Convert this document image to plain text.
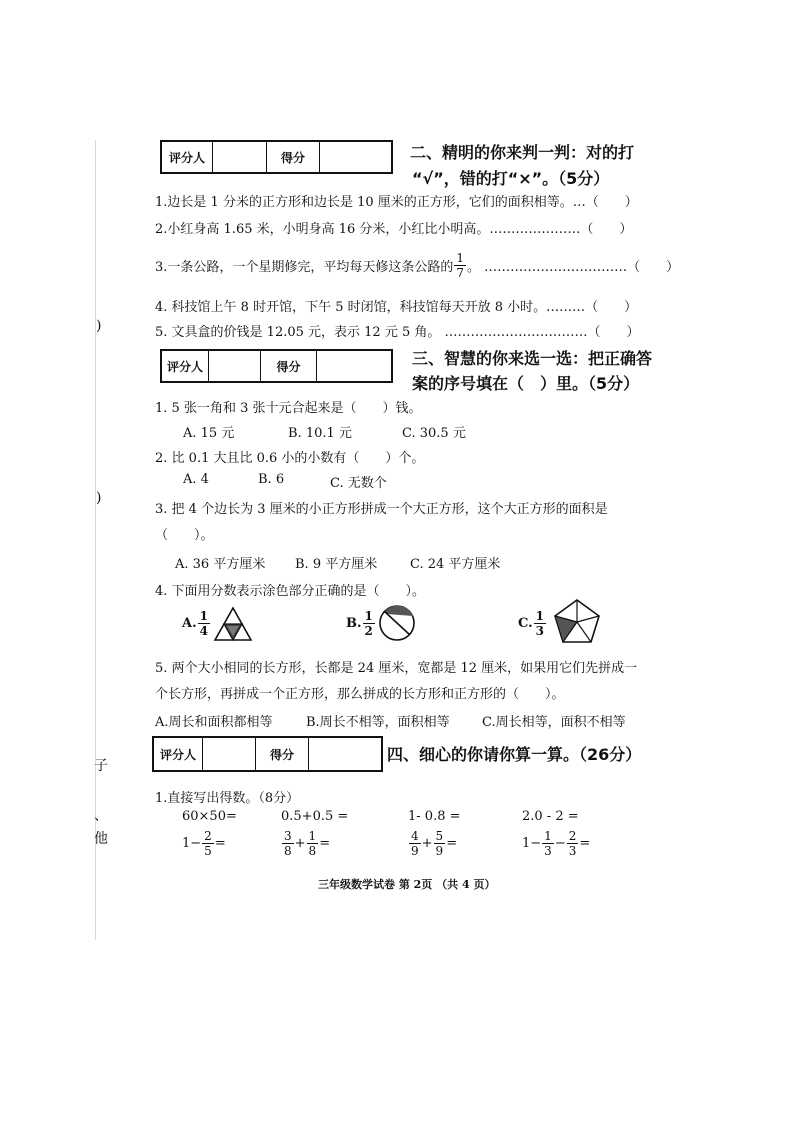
)
)
子
、
他
评分人	得分	二、精明的你来判一判：对的打
“√”，错的打“×”。（5分）
1.边长是 1 分米的正方形和边长是 10 厘米的正方形，它们的面积相等。…（　　）
2.小红身高 1.65 米，小明身高 16 分米，小红比小明高。…………………（　　）
3.一条公路，一个星期修完，平均每天修这条公路的 $\frac{1}{7}$ 。 ……………………………（　　）
4. 科技馆上午 8 时开馆，下午 5 时闭馆，科技馆每天开放 8 小时。………（　　）
5. 文具盒的价钱是 12.05 元，表示 12 元 5 角。 ……………………………（　　）
评分人	得分	三、智慧的你来选一选：把正确答
案的序号填在（　）里。（5分）
1. 5 张一角和 3 张十元合起来是（　　）钱。
A. 15 元	B. 10.1 元	C. 30.5 元
2. 比 0.1 大且比 0.6 小的小数有（　　）个。
A. 4	B. 6	C. 无数个
3. 把 4 个边长为 3 厘米的小正方形拼成一个大正方形，这个大正方形的面积是
（　　）。
A. 36 平方厘米 B. 9 平方厘米	C. 24 平方厘米
4. 下面用分数表示涂色部分正确的是（　　）。
A. $\frac{1}{4}$	B. $\frac{1}{2}$	C. $\frac{1}{3}$
5. 两个大小相同的长方形，长都是 24 厘米，宽都是 12 厘米，如果用它们先拼成一
个长方形，再拼成一个正方形，那么拼成的长方形和正方形的（　　）。
A.周长和面积都相等	B.周长不相等，面积相等 C.周长相等，面积不相等
评分人	得分	四、细心的你请你算一算。（26分）
1.直接写出得数。（8分）
60×50=	0.5+0.5 =	1- 0.8 =	2.0 - 2 =
$1- \frac{2}{5}$ =	$\frac{3}{8} + \frac{1}{8}$ =	$\frac{4}{9} + \frac{5}{9}$ =	$1- \frac{1}{3} - \frac{2}{3}$ =
三年级数学试卷 第 2页 （共 4 页）
